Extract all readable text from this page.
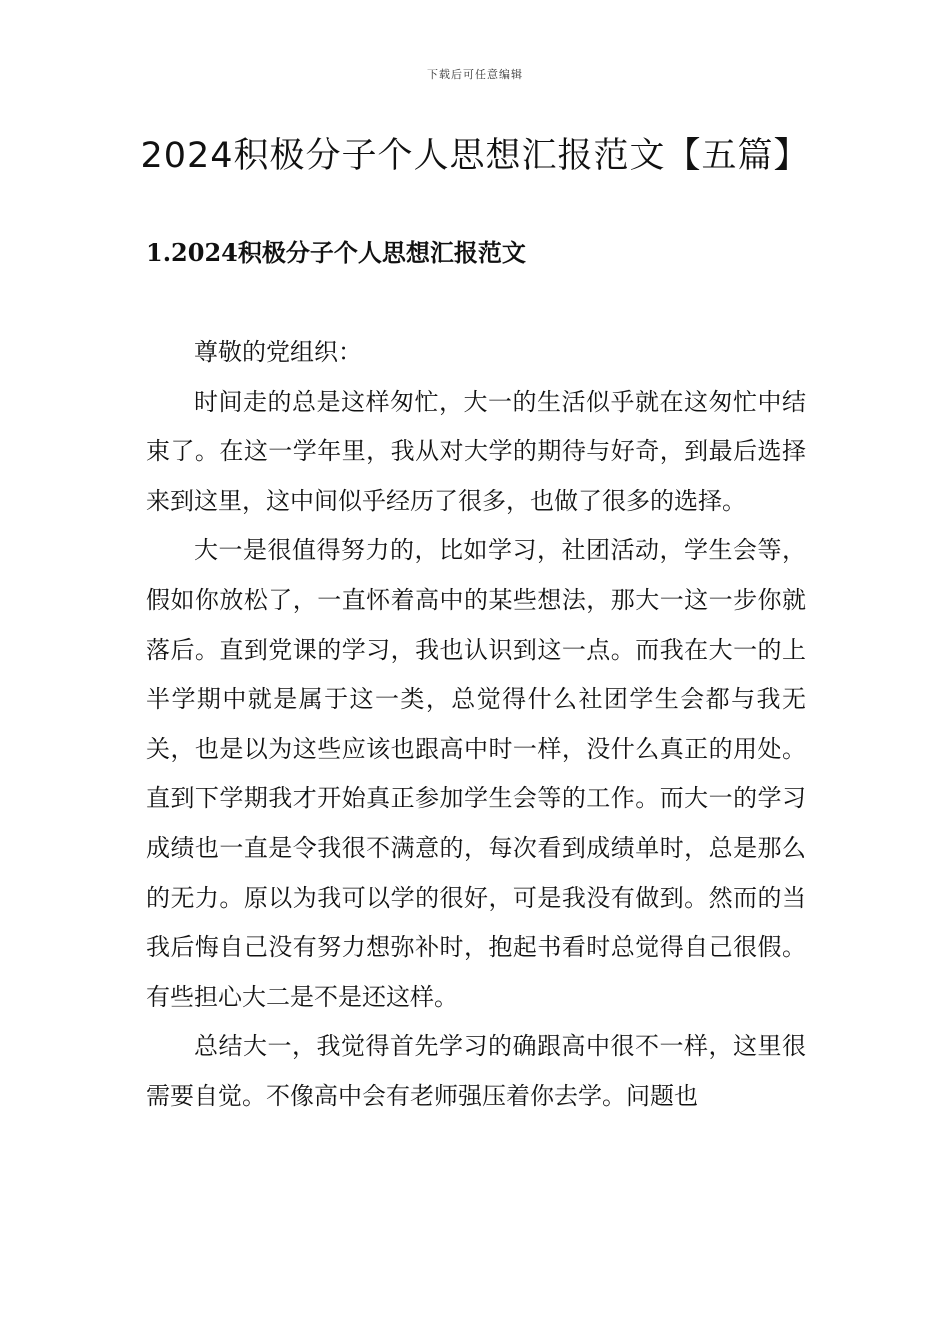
下载后可任意编辑
2024积极分子个人思想汇报范文【五篇】
1.2024积极分子个人思想汇报范文

尊敬的党组织：

时间走的总是这样匆忙，大一的生活似乎就在这匆忙中结束了。在这一学年里，我从对大学的期待与好奇，到最后选择来到这里，这中间似乎经历了很多，也做了很多的选择。

大一是很值得努力的，比如学习，社团活动，学生会等，假如你放松了，一直怀着高中的某些想法，那大一这一步你就落后。直到党课的学习，我也认识到这一点。而我在大一的上半学期中就是属于这一类，总觉得什么社团学生会都与我无关，也是以为这些应该也跟高中时一样，没什么真正的用处。直到下学期我才开始真正参加学生会等的工作。而大一的学习成绩也一直是令我很不满意的，每次看到成绩单时，总是那么的无力。原以为我可以学的很好，可是我没有做到。然而的当我后悔自己没有努力想弥补时，抱起书看时总觉得自己很假。有些担心大二是不是还这样。

总结大一，我觉得首先学习的确跟高中很不一样，这里很需要自觉。不像高中会有老师强压着你去学。问题也
